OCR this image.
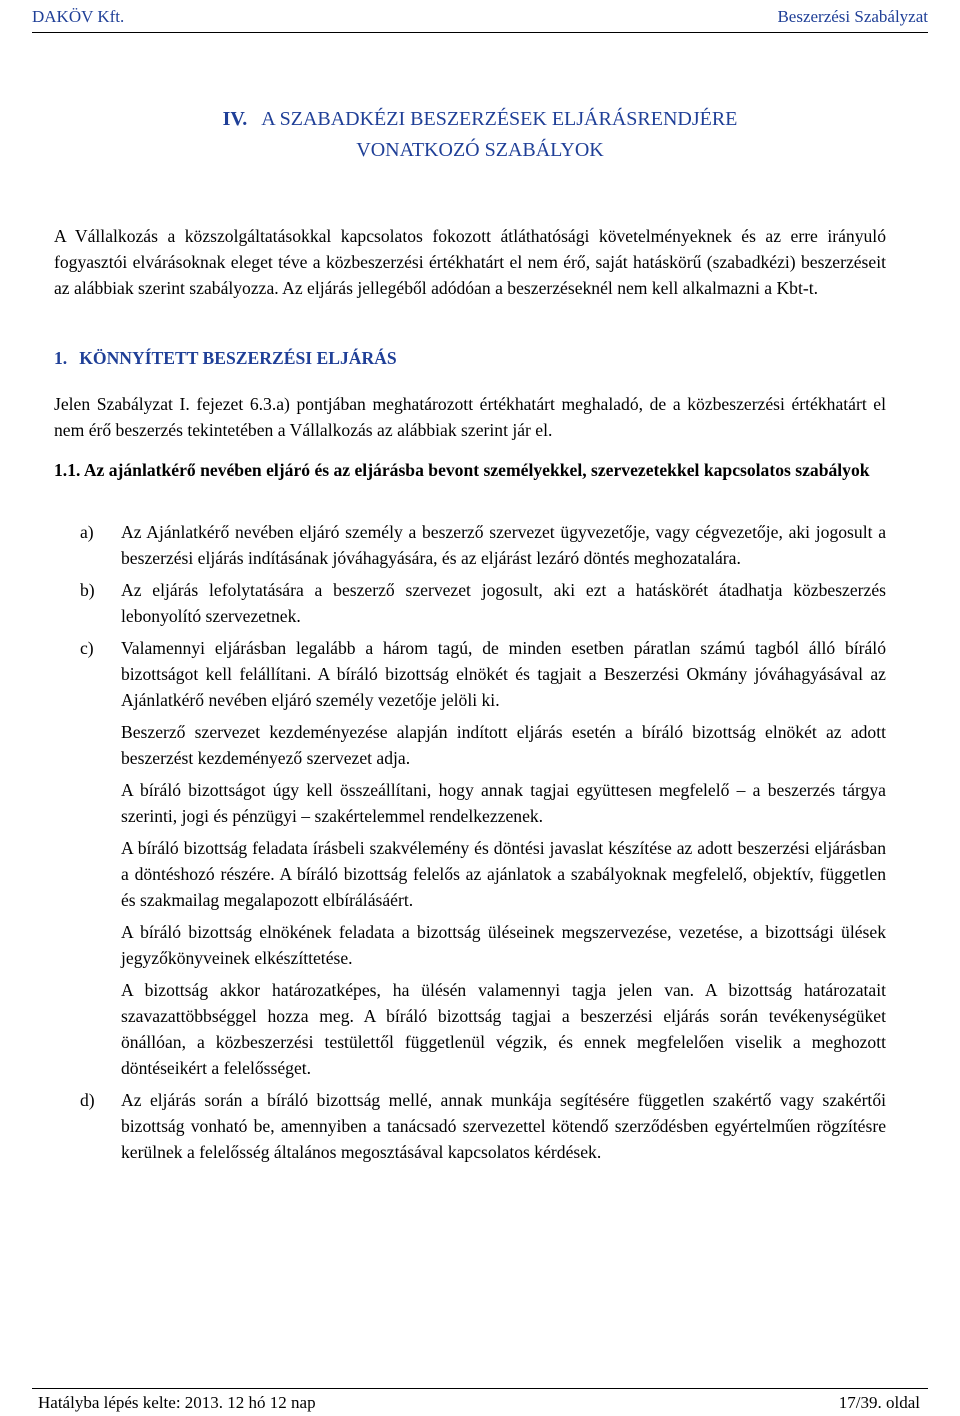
DAKÖV Kft.	Beszerzési Szabályzat
IV. A SZABADKÉZI BESZERZÉSEK ELJÁRÁSRENDJÉRE
VONATKOZÓ SZABÁLYOK
A Vállalkozás a közszolgáltatásokkal kapcsolatos fokozott átláthatósági követelményeknek és az erre irányuló fogyasztói elvárásoknak eleget téve a közbeszerzési értékhatárt el nem érő, saját hatáskörű (szabadkézi) beszerzéseit az alábbiak szerint szabályozza. Az eljárás jellegéből adódóan a beszerzéseknél nem kell alkalmazni a Kbt-t.
1. KÖNNYÍTETT BESZERZÉSI ELJÁRÁS
Jelen Szabályzat I. fejezet 6.3.a) pontjában meghatározott értékhatárt meghaladó, de a közbeszerzési értékhatárt el nem érő beszerzés tekintetében a Vállalkozás az alábbiak szerint jár el.
1.1. Az ajánlatkérő nevében eljáró és az eljárásba bevont személyekkel, szervezetekkel kapcsolatos szabályok
a)	Az Ajánlatkérő nevében eljáró személy a beszerző szervezet ügyvezetője, vagy cégvezetője, aki jogosult a beszerzési eljárás indításának jóváhagyására, és az eljárást lezáró döntés meghozatalára.
b)	Az eljárás lefolytatására a beszerző szervezet jogosult, aki ezt a hatáskörét átadhatja közbeszerzés lebonyolító szervezetnek.
c)	Valamennyi eljárásban legalább a három tagú, de minden esetben páratlan számú tagból álló bíráló bizottságot kell felállítani. A bíráló bizottság elnökét és tagjait a Beszerzési Okmány jóváhagyásával az Ajánlatkérő nevében eljáró személy vezetője jelöli ki.
Beszerző szervezet kezdeményezése alapján indított eljárás esetén a bíráló bizottság elnökét az adott beszerzést kezdeményező szervezet adja.
A bíráló bizottságot úgy kell összeállítani, hogy annak tagjai együttesen megfelelő – a beszerzés tárgya szerinti, jogi és pénzügyi – szakértelemmel rendelkezzenek.
A bíráló bizottság feladata írásbeli szakvélemény és döntési javaslat készítése az adott beszerzési eljárásban a döntéshozó részére. A bíráló bizottság felelős az ajánlatok a szabályoknak megfelelő, objektív, független és szakmailag megalapozott elbírálásáért.
A bíráló bizottság elnökének feladata a bizottság üléseinek megszervezése, vezetése, a bizottsági ülések jegyzőkönyveinek elkészíttetése.
A bizottság akkor határozatképes, ha ülésén valamennyi tagja jelen van. A bizottság határozatait szavazattöbbséggel hozza meg. A bíráló bizottság tagjai a beszerzési eljárás során tevékenységüket önállóan, a közbeszerzési testülettől függetlenül végzik, és ennek megfelelően viselik a meghozott döntéseikért a felelősséget.
d)	Az eljárás során a bíráló bizottság mellé, annak munkája segítésére független szakértő vagy szakértői bizottság vonható be, amennyiben a tanácsadó szervezettel kötendő szerződésben egyértelműen rögzítésre kerülnek a felelősség általános megosztásával kapcsolatos kérdések.
Hatályba lépés kelte: 2013. 12 hó 12 nap	17/39. oldal
